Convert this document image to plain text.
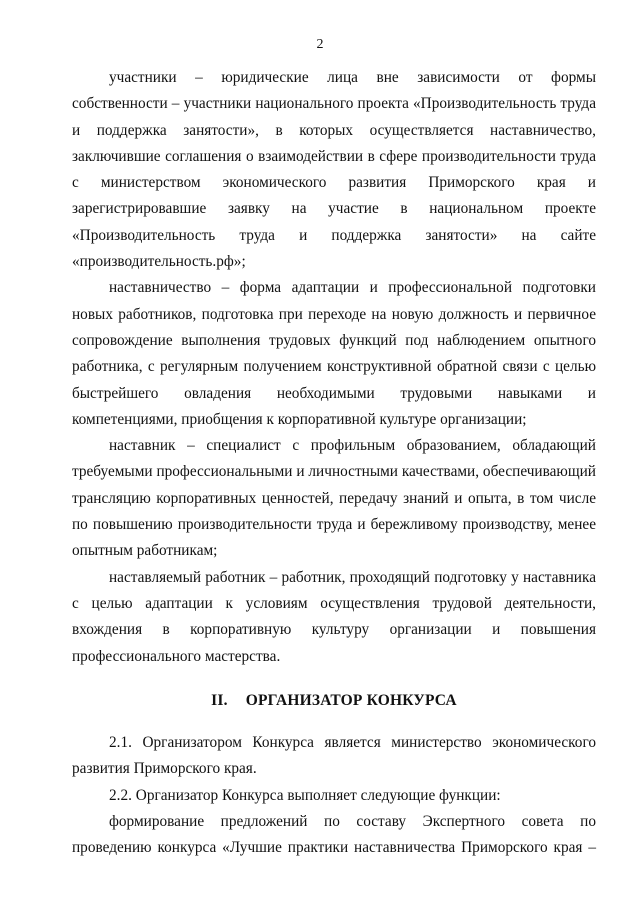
2
участники – юридические лица вне зависимости от формы
собственности – участники национального проекта «Производительность труда
и поддержка занятости», в которых осуществляется наставничество,
заключившие соглашения о взаимодействии в сфере производительности труда
с министерством экономического развития Приморского края и
зарегистрировавшие заявку на участие в национальном проекте
«Производительность труда и поддержка занятости» на сайте
«производительность.рф»;
наставничество – форма адаптации и профессиональной подготовки
новых работников, подготовка при переходе на новую должность и первичное
сопровождение выполнения трудовых функций под наблюдением опытного
работника, с регулярным получением конструктивной обратной связи с целью
быстрейшего овладения необходимыми трудовыми навыками и
компетенциями, приобщения к корпоративной культуре организации;
наставник – специалист с профильным образованием, обладающий
требуемыми профессиональными и личностными качествами, обеспечивающий
трансляцию корпоративных ценностей, передачу знаний и опыта, в том числе
по повышению производительности труда и бережливому производству, менее
опытным работникам;
наставляемый работник – работник, проходящий подготовку у наставника
с целью адаптации к условиям осуществления трудовой деятельности,
вхождения в корпоративную культуру организации и повышения
профессионального мастерства.
II. ОРГАНИЗАТОР КОНКУРСА
2.1. Организатором Конкурса является министерство экономического
развития Приморского края.
2.2. Организатор Конкурса выполняет следующие функции:
формирование предложений по составу Экспертного совета по
проведению конкурса «Лучшие практики наставничества Приморского края –
